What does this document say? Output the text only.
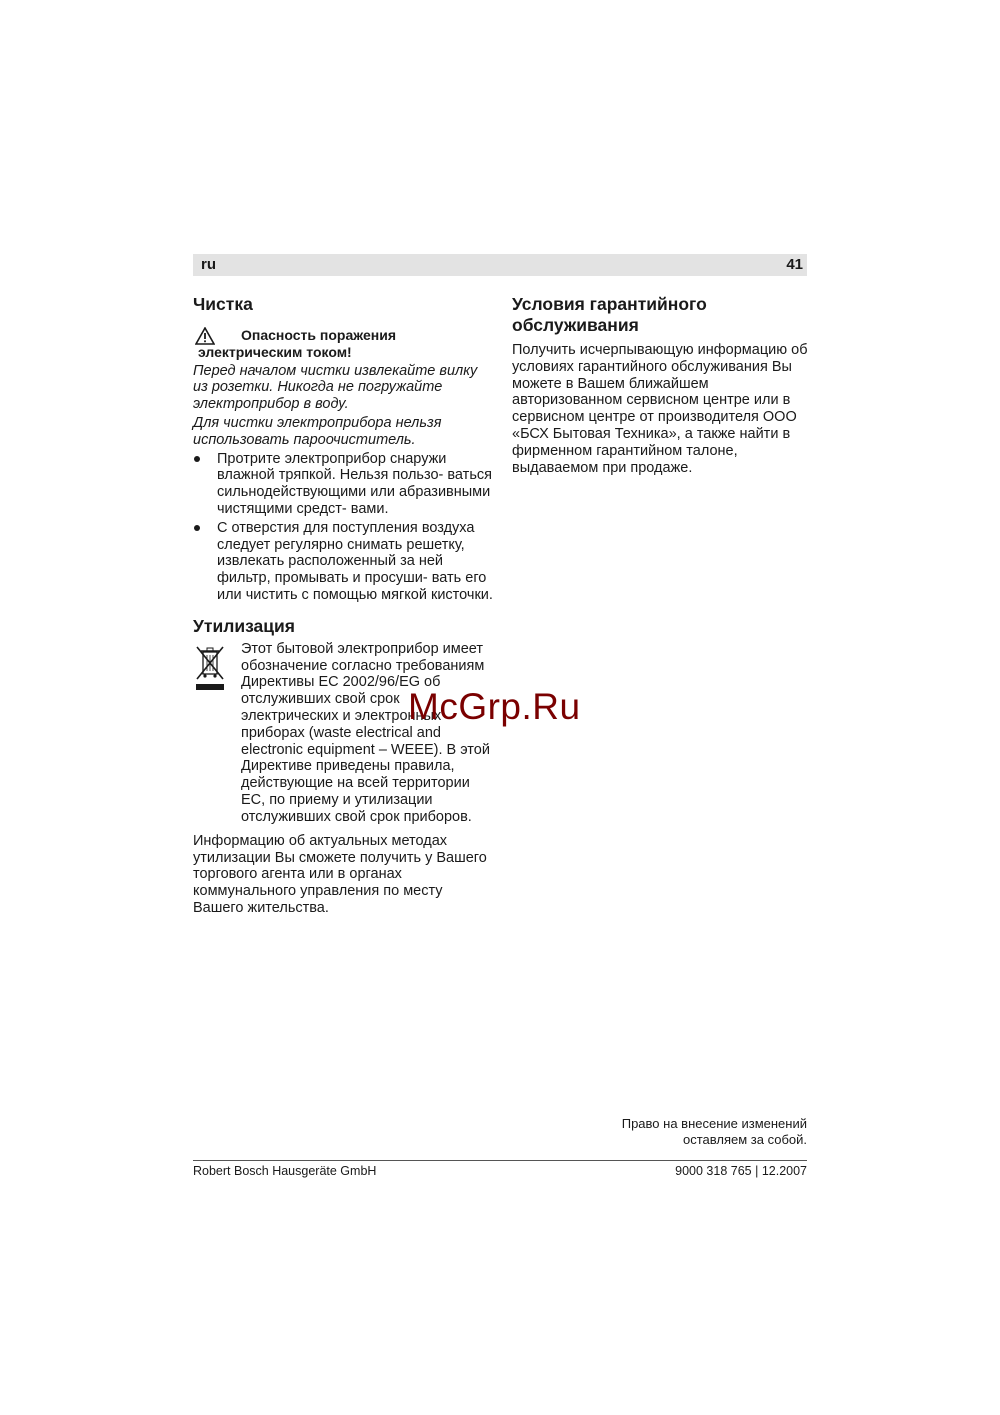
ru	41
Чистка
Опасность поражения
электрическим током!

Перед началом чистки извлекайте вилку из розетки. Никогда не погружайте электроприбор в воду.

Для чистки электроприбора нельзя использовать пароочиститель.

Протрите электроприбор снаружи влажной тряпкой. Нельзя пользо- ваться сильнодействующими или абразивными чистящими средст- вами.
С отверстия для поступления воздуха следует регулярно снимать решетку, извлекать расположенный за ней фильтр, промывать и просуши- вать его или чистить с помощью мягкой кисточки.
Утилизация
Этот бытовой электроприбор имеет обозначение согласно требованиям Директивы ЕС 2002/96/EG об отслуживших свой срок электрических и электронных приборах (waste electrical and electronic equipment – WEEE). В этой Директиве приведены правила, действующие на всей территории ЕС, по приему и утилизации отслуживших свой срок приборов.

Информацию об актуальных методах утилизации Вы сможете получить у Вашего торгового агента или в органах коммунального управления по месту Вашего жительства.

Условия гарантийного обслуживания

Получить исчерпывающую информацию об условиях гарантийного обслуживания Вы можете в Вашем ближайшем авторизованном сервисном центре или в сервисном центре от производителя ООО «БСХ Бытовая Техника», а также найти в фирменном гарантийном талоне, выдаваемом при продаже.

Право на внесение изменений
оставляем за собой.
Robert Bosch Hausgeräte GmbH	9000 318 765 | 12.2007
McGrp.Ru
